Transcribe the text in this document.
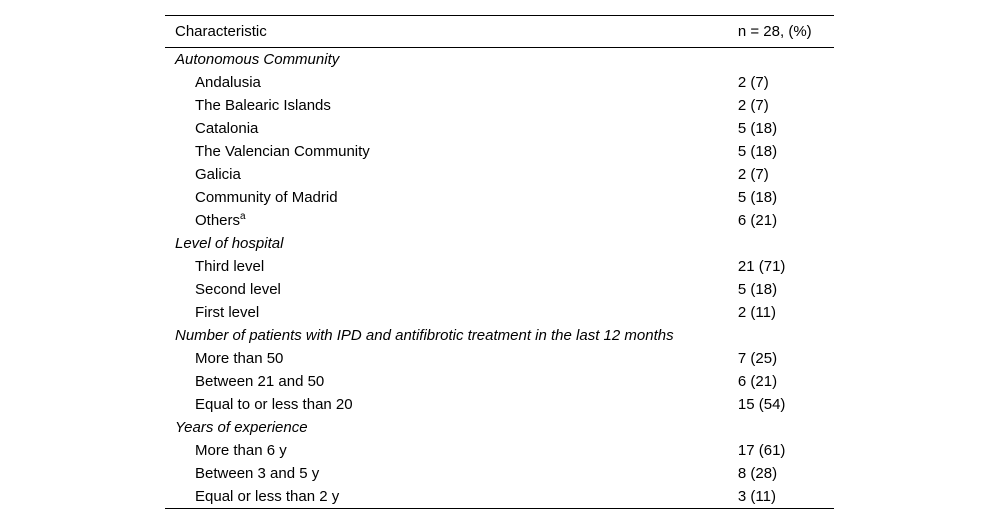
Characteristic	n = 28, (%)
Autonomous Community	
Andalusia	2 (7)
The Balearic Islands	2 (7)
Catalonia	5 (18)
The Valencian Community	5 (18)
Galicia	2 (7)
Community of Madrid	5 (18)
Others$^a$	6 (21)
Level of hospital	
Third level	21 (71)
Second level	5 (18)
First level	2 (11)
Number of patients with IPD and antifibrotic treatment in the last 12 months	
More than 50	7 (25)
Between 21 and 50	6 (21)
Equal to or less than 20	15 (54)
Years of experience	
More than 6 y	17 (61)
Between 3 and 5 y	8 (28)
Equal or less than 2 y	3 (11)
